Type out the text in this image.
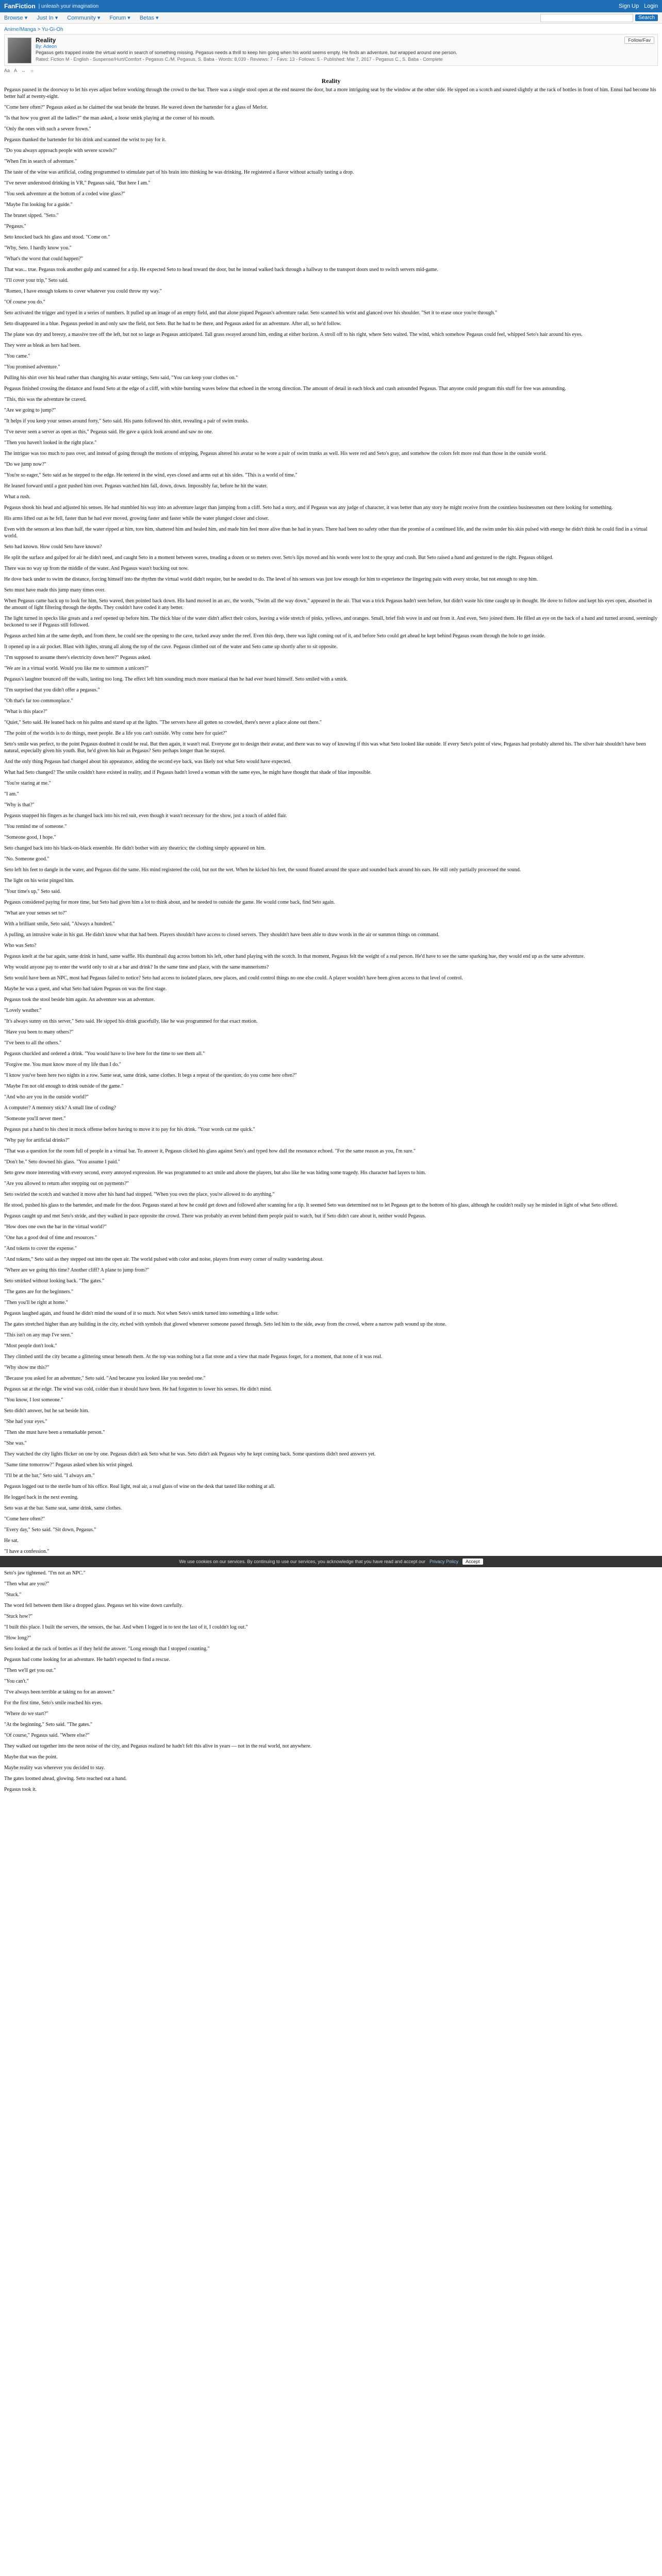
FanFiction | unleash your imagination	Sign Up Login
Browse ▾ Just In ▾ Community ▾ Forum ▾ Betas ▾	Search
Anime/Manga > Yu-Gi-Oh
Reality
By: Adeon
Pegasus gets trapped inside the virtual world in search of something missing. Pegasus needs a thrill to keep him going when his world seems empty. He finds an adventure, but wrapped around one person.
Rated: Fiction M - English - Suspense/Hurt/Comfort - Pegasus C./M. Pegasus, S. Baba - Words: 8,039 - Reviews: 7 - Favs: 13 - Follows: 5 - Published: Mar 7, 2017 - Pegasus C., S. Baba - Complete
Follow/Fav
Aa A ↔ ☼
Reality

Pegasus paused in the doorway to let his eyes adjust before working through the crowd to the bar. There was a single stool open at the end nearest the door, but a more intriguing seat by the window at the other side. He sipped on a scotch and soured slightly at the rack of bottles in front of him. Ennui had become his better half at twenty-eight.

"Come here often?" Pegasus asked as he claimed the seat beside the brunet. He waved down the bartender for a glass of Merlot.

"Is that how you greet all the ladies?" the man asked, a loose smirk playing at the corner of his mouth.

"Only the ones with such a severe frown."

Pegasus thanked the bartender for his drink and scanned the wrist to pay for it.

"Do you always approach people with severe scowls?"

"When I'm in search of adventure."

The taste of the wine was artificial, coding programmed to stimulate part of his brain into thinking he was drinking. He registered a flavor without actually tasting a drop.

"I've never understood drinking in VR," Pegasus said, "But here I am."

"You seek adventure at the bottom of a coded wine glass?"

"Maybe I'm looking for a guide."

The brunet sipped. "Seto."

"Pegasus."

Seto knocked back his glass and stood. "Come on."

"Why, Seto. I hardly know you."

"What's the worst that could happen?"

That was... true. Pegasus took another gulp and scanned for a tip. He expected Seto to head toward the door, but he instead walked back through a hallway to the transport doors used to switch servers mid-game.

"I'll cover your trip," Seto said.

"Romeo, I have enough tokens to cover whatever you could throw my way."

"Of course you do."

Seto activated the trigger and typed in a series of numbers. It pulled up an image of an empty field, and that alone piqued Pegasus's adventure radar. Seto scanned his wrist and glanced over his shoulder. "Set it to erase once you're through."

Seto disappeared in a blue. Pegasus peeked in and only saw the field, not Seto. But he had to be there, and Pegasus asked for an adventure. After all, so he'd follow.

The plane was dry and breezy, a massive tree off the left, but not so large as Pegasus anticipated. Tall grass swayed around him, ending at either horizon. A stroll off to his right, where Seto waited. The wind, which somehow Pegasus could feel, whipped Seto's hair around his eyes.

They were as bleak as hers had been.

"You came."

"You promised adventure."

Pulling his shirt over his head rather than changing his avatar settings, Seto said, "You can keep your clothes on."

Pegasus finished crossing the distance and found Seto at the edge of a cliff, with white bursting waves below that echoed in the wrong direction. The amount of detail in each block and crash astounded Pegasus. That anyone could program this stuff for free was astounding.

"This, this was the adventure he craved.

"Are we going to jump?"

"It helps if you keep your senses around forty," Seto said. His pants followed his shirt, revealing a pair of swim trunks.

"I've never seen a server as open as this," Pegasus said. He gave a quick look around and saw no one.

"Then you haven't looked in the right place."

The intrigue was too much to pass over, and instead of going through the motions of stripping, Pegasus altered his avatar so he wore a pair of swim trunks as well. His were red and Seto's gray, and somehow the colors felt more real than those in the outside world.

"Do we jump now?"

"You're so eager," Seto said as he stepped to the edge. He teetered in the wind, eyes closed and arms out at his sides. "This is a world of time."

He leaned forward until a gust pushed him over. Pegasus watched him fall, down, down. Impossibly far, before he hit the water.

What a rush.

Pegasus shook his head and adjusted his senses. He had stumbled his way into an adventure larger than jumping from a cliff. Seto had a story, and if Pegasus was any judge of character, it was better than any story he might receive from the countless businessmen out there looking for something.

His arms lifted out as he fell, faster than he had ever moved, growing faster and faster while the water plunged closer and closer.

Even with the sensors at less than half, the water ripped at him, tore him, shattered him and healed him, and made him feel more alive than he had in years. There had been no safety other than the promise of a continued life, and the swim under his skin pulsed with energy he didn't think he could find in a virtual world.

Seto had known. How could Seto have known?

He split the surface and gulped for air he didn't need, and caught Seto in a moment between waves, treading a dozen or so meters over. Seto's lips moved and his words were lost to the spray and crash. But Seto raised a hand and gestured to the right. Pegasus obliged.

There was no way up from the middle of the water. And Pegasus wasn't bucking out now.

He dove back under to swim the distance, forcing himself into the rhythm the virtual world didn't require, but he needed to do. The level of his sensors was just low enough for him to experience the lingering pain with every stroke, but not enough to stop him.

Seto must have made this jump many times over.

When Pegasus came back up to look for him, Seto waved, then pointed back down. His hand moved in an arc, the words, "Swim all the way down," appeared in the air. That was a trick Pegasus hadn't seen before, but didn't waste his time caught up in thought. He dove to follow and kept his eyes open, absorbed in the amount of light filtering through the depths. They couldn't have coded it any better.

The light turned in specks like greats and a reef opened up before him. The thick blue of the water didn't affect their colors, leaving a wide stretch of pinks, yellows, and oranges. Small, brief fish wove in and out from it. And even, Seto joined them. He filled an eye on the back of a hand and turned around, seemingly beckoned to see if Pegasus still followed.

Pegasus arched him at the same depth, and from there, he could see the opening to the cave, tucked away under the reef. Even this deep, there was light coming out of it, and before Seto could get ahead he kept behind Pegasus swam through the hole to get inside.

It opened up in a air pocket. Blast with lights, strung all along the top of the cave. Pegasus climbed out of the water and Seto came up shortly after to sit opposite.

"I'm supposed to assume there's electricity down here?" Pegasus asked.

"We are in a virtual world. Would you like me to summon a unicorn?"

Pegasus's laughter bounced off the walls, lasting too long. The effect left him sounding much more maniacal than he had ever heard himself. Seto smiled with a smirk.

"I'm surprised that you didn't offer a pegasus."

"Oh that's far too commonplace."

"What is this place?"

"Quiet," Seto said. He leaned back on his palms and stared up at the lights. "The servers have all gotten so crowded, there's never a place alone out there."

"The point of the worlds is to do things, meet people. Be a life you can't outside. Why come here for quiet?"

Seto's smile was perfect, to the point Pegasus doubted it could be real. But then again, it wasn't real. Everyone got to design their avatar, and there was no way of knowing if this was what Seto looked like outside. If every Seto's point of view, Pegasus had probably altered his. The silver hair shouldn't have been natural, especially given his youth. But, he'd given his hair as Pegasus? Seto perhaps longer than he stayed.

And the only thing Pegasus had changed about his appearance, adding the second eye back, was likely not what Seto would have expected.

What had Seto changed? The smile couldn't have existed in reality, and if Pegasus hadn't loved a woman with the same eyes, he might have thought that shade of blue impossible.

"You're staring at me."

"I am."

"Why is that?"

Pegasus snapped his fingers as he changed back into his red suit, even though it wasn't necessary for the show, just a touch of added flair.

"You remind me of someone."

"Someone good, I hope."

Seto changed back into his black-on-black ensemble. He didn't bother with any theatrics; the clothing simply appeared on him.

"No. Someone good."

Seto left his feet to dangle in the water, and Pegasus did the same. His mind registered the cold, but not the wet. When he kicked his feet, the sound floated around the space and sounded back around his ears. He still only partially processed the sound.

The light on his wrist pinged him.

"Your time's up," Seto said.

Pegasus considered paying for more time, but Seto had given him a lot to think about, and he needed to outside the game. He would come back, find Seto again.

"What are your senses set to?"

With a brilliant smile, Seto said, "Always a hundred."

A pulling, an intrusive wake in his gut. He didn't know what that had been. Players shouldn't have access to closed servers. They shouldn't have been able to draw words in the air or summon things on command.

Who was Seto?

Pegasus knelt at the bar again, same drink in hand, same waffle. His thumbnail dug across bottom his left, other hand playing with the scotch. In that moment, Pegasus felt the weight of a real person. He'd have to see the same sparking hue, they would end up as the same adventure.

Why would anyone pay to enter the world only to sit at a bar and drink? In the same time and place, with the same mannerisms?

Seto would have been an NPC, most had Pegasus failed to notice? Seto had access to isolated places, new places, and could control things no one else could. A player wouldn't have been given access to that level of control.

Maybe he was a quest, and what Seto had taken Pegasus on was the first stage.

Pegasus took the stool beside him again. An adventure was an adventure.

"Lovely weather."

"It's always sunny on this server," Seto said. He sipped his drink gracefully, like he was programmed for that exact motion.

"Have you been to many others?"

"I've been to all the others."

Pegasus chuckled and ordered a drink. "You would have to live here for the time to see them all."

"Forgive me. You must know more of my life than I do."

"I know you've been here two nights in a row. Same seat, same drink, same clothes. It begs a repeat of the question; do you come here often?"

"Maybe I'm not old enough to drink outside of the game."

"And who are you in the outside world?"

A computer? A memory stick? A small line of coding?

"Someone you'll never meet."

Pegasus put a hand to his chest in mock offense before having to move it to pay for his drink. "Your words cut me quick."

"Why pay for artificial drinks?"

"That was a question for the room full of people in a virtual bar. To answer it, Pegasus clicked his glass against Seto's and typed how dull the resonance echoed. "For the same reason as you, I'm sure."

"Don't be." Seto downed his glass. "You assume I paid."

Seto grew more interesting with every second, every annoyed expression. He was programmed to act smile and above the players, but also like he was hiding some tragedy. His character had layers to him.

"Are you allowed to return after stepping out on payments?"

Seto swirled the scotch and watched it move after his hand had stopped. "When you own the place, you're allowed to do anything."

He stood, pushed his glass to the bartender, and made for the door. Pegasus stared at how he could get down and followed after scanning for a tip. It seemed Seto was determined not to let Pegasus get to the bottom of his glass, although he couldn't really say he minded in light of what Seto offered.

Pegasus caught up and met Seto's stride, and they walked in pace opposite the crowd. There was probably an event behind them people paid to watch, but if Seto didn't care about it, neither would Pegasus.

"How does one own the bar in the virtual world?"

"One has a good deal of time and resources."

"And tokens to cover the expense."

"And tokens," Seto said as they stepped out into the open air. The world pulsed with color and noise, players from every corner of reality wandering about.

"Where are we going this time? Another cliff? A plane to jump from?"

Seto smirked without looking back. "The gates."

"The gates are for the beginners."

"Then you'll be right at home."

Pegasus laughed again, and found he didn't mind the sound of it so much. Not when Seto's smirk turned into something a little softer.

The gates stretched higher than any building in the city, etched with symbols that glowed whenever someone passed through. Seto led him to the side, away from the crowd, where a narrow path wound up the stone.

"This isn't on any map I've seen."

"Most people don't look."

They climbed until the city became a glittering smear beneath them. At the top was nothing but a flat stone and a view that made Pegasus forget, for a moment, that none of it was real.

"Why show me this?"

"Because you asked for an adventure," Seto said. "And because you looked like you needed one."

Pegasus sat at the edge. The wind was cold, colder than it should have been. He had forgotten to lower his senses. He didn't mind.

"You know, I lost someone."

Seto didn't answer, but he sat beside him.

"She had your eyes."

"Then she must have been a remarkable person."

"She was."

They watched the city lights flicker on one by one. Pegasus didn't ask Seto what he was. Seto didn't ask Pegasus why he kept coming back. Some questions didn't need answers yet.

"Same time tomorrow?" Pegasus asked when his wrist pinged.

"I'll be at the bar," Seto said. "I always am."

Pegasus logged out to the sterile hum of his office. Real light, real air, a real glass of wine on the desk that tasted like nothing at all.

He logged back in the next evening.

Seto was at the bar. Same seat, same drink, same clothes.

"Come here often?"

"Every day," Seto said. "Sit down, Pegasus."

He sat.

"I have a confession."

Seto's jaw tightened. "I'm not an NPC."

"Then what are you?"

"Stuck."

The word fell between them like a dropped glass. Pegasus set his wine down carefully.

"Stuck how?"

"I built this place. I built the servers, the sensors, the bar. And when I logged in to test the last of it, I couldn't log out."

"How long?"

Seto looked at the rack of bottles as if they held the answer. "Long enough that I stopped counting."

Pegasus had come looking for an adventure. He hadn't expected to find a rescue.

"Then we'll get you out."

"You can't."

"I've always been terrible at taking no for an answer."

For the first time, Seto's smile reached his eyes.

"Where do we start?"

"At the beginning," Seto said. "The gates."

"Of course," Pegasus said. "Where else?"

They walked out together into the neon noise of the city, and Pegasus realized he hadn't felt this alive in years — not in the real world, not anywhere.

Maybe that was the point.

Maybe reality was wherever you decided to stay.

The gates loomed ahead, glowing. Seto reached out a hand.

Pegasus took it.

We use cookies on our services. By continuing to use our services, you acknowledge that you have read and accept our Privacy Policy	Accept
